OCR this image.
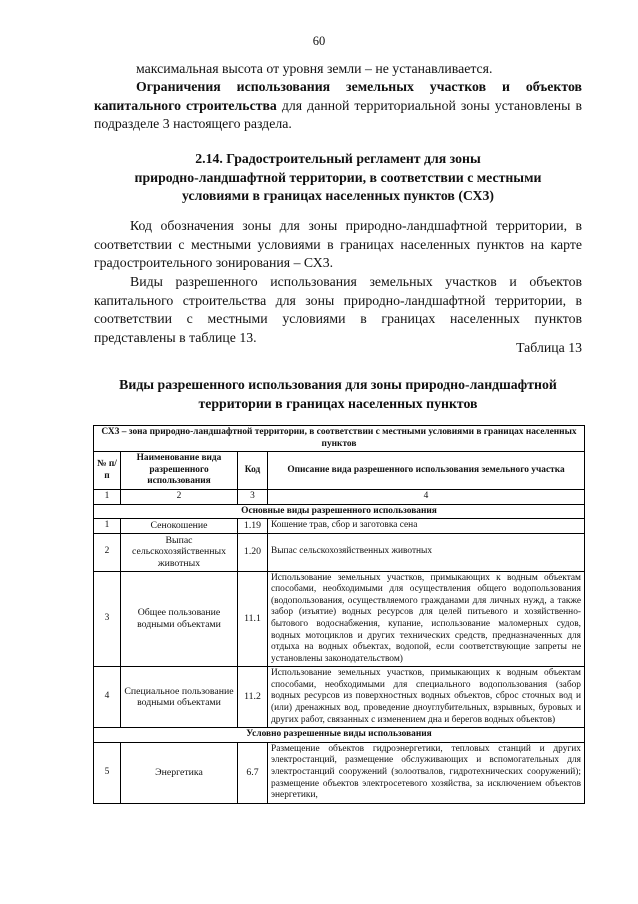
60
максимальная высота от уровня земли – не устанавливается.
Ограничения использования земельных участков и объектов капитального строительства для данной территориальной зоны установлены в подразделе 3 настоящего раздела.
2.14. Градостроительный регламент для зоны
природно-ландшафтной территории, в соответствии с местными
условиями в границах населенных пунктов (СХ3)
Код обозначения зоны для зоны природно-ландшафтной территории, в соответствии с местными условиями в границах населенных пунктов на карте градостроительного зонирования – СХ3.
Виды разрешенного использования земельных участков и объектов капитального строительства для зоны природно-ландшафтной территории, в соответствии с местными условиями в границах населенных пунктов представлены в таблице 13.
Таблица 13
Виды разрешенного использования для зоны природно-ландшафтной
территории в границах населенных пунктов
СХ3 – зона природно-ландшафтной территории, в соответствии с местными условиями в границах населенных пунктов			
№ п/п	Наименование вида разрешенного использования	Код	Описание вида разрешенного использования земельного участка
1	2	3	4
Основные виды разрешенного использования			
1	Сенокошение	1.19	Кошение трав, сбор и заготовка сена
2	Выпас сельскохозяйственных животных	1.20	Выпас сельскохозяйственных животных
3	Общее пользование водными объектами	11.1	Использование земельных участков, примыкающих к водным объектам способами, необходимыми для осуществления общего водопользования (водопользования, осуществляемого гражданами для личных нужд, а также забор (изъятие) водных ресурсов для целей питьевого и хозяйственно-бытового водоснабжения, купание, использование маломерных судов, водных мотоциклов и других технических средств, предназначенных для отдыха на водных объектах, водопой, если соответствующие запреты не установлены законодательством)
4	Специальное пользование водными объектами	11.2	Использование земельных участков, примыкающих к водным объектам способами, необходимыми для специального водопользования (забор водных ресурсов из поверхностных водных объектов, сброс сточных вод и (или) дренажных вод, проведение дноуглубительных, взрывных, буровых и других работ, связанных с изменением дна и берегов водных объектов)
Условно разрешенные виды использования			
5	Энергетика	6.7	Размещение объектов гидроэнергетики, тепловых станций и других электростанций, размещение обслуживающих и вспомогательных для электростанций сооружений (золоотвалов, гидротехнических сооружений); размещение объектов электросетевого хозяйства, за исключением объектов энергетики,
